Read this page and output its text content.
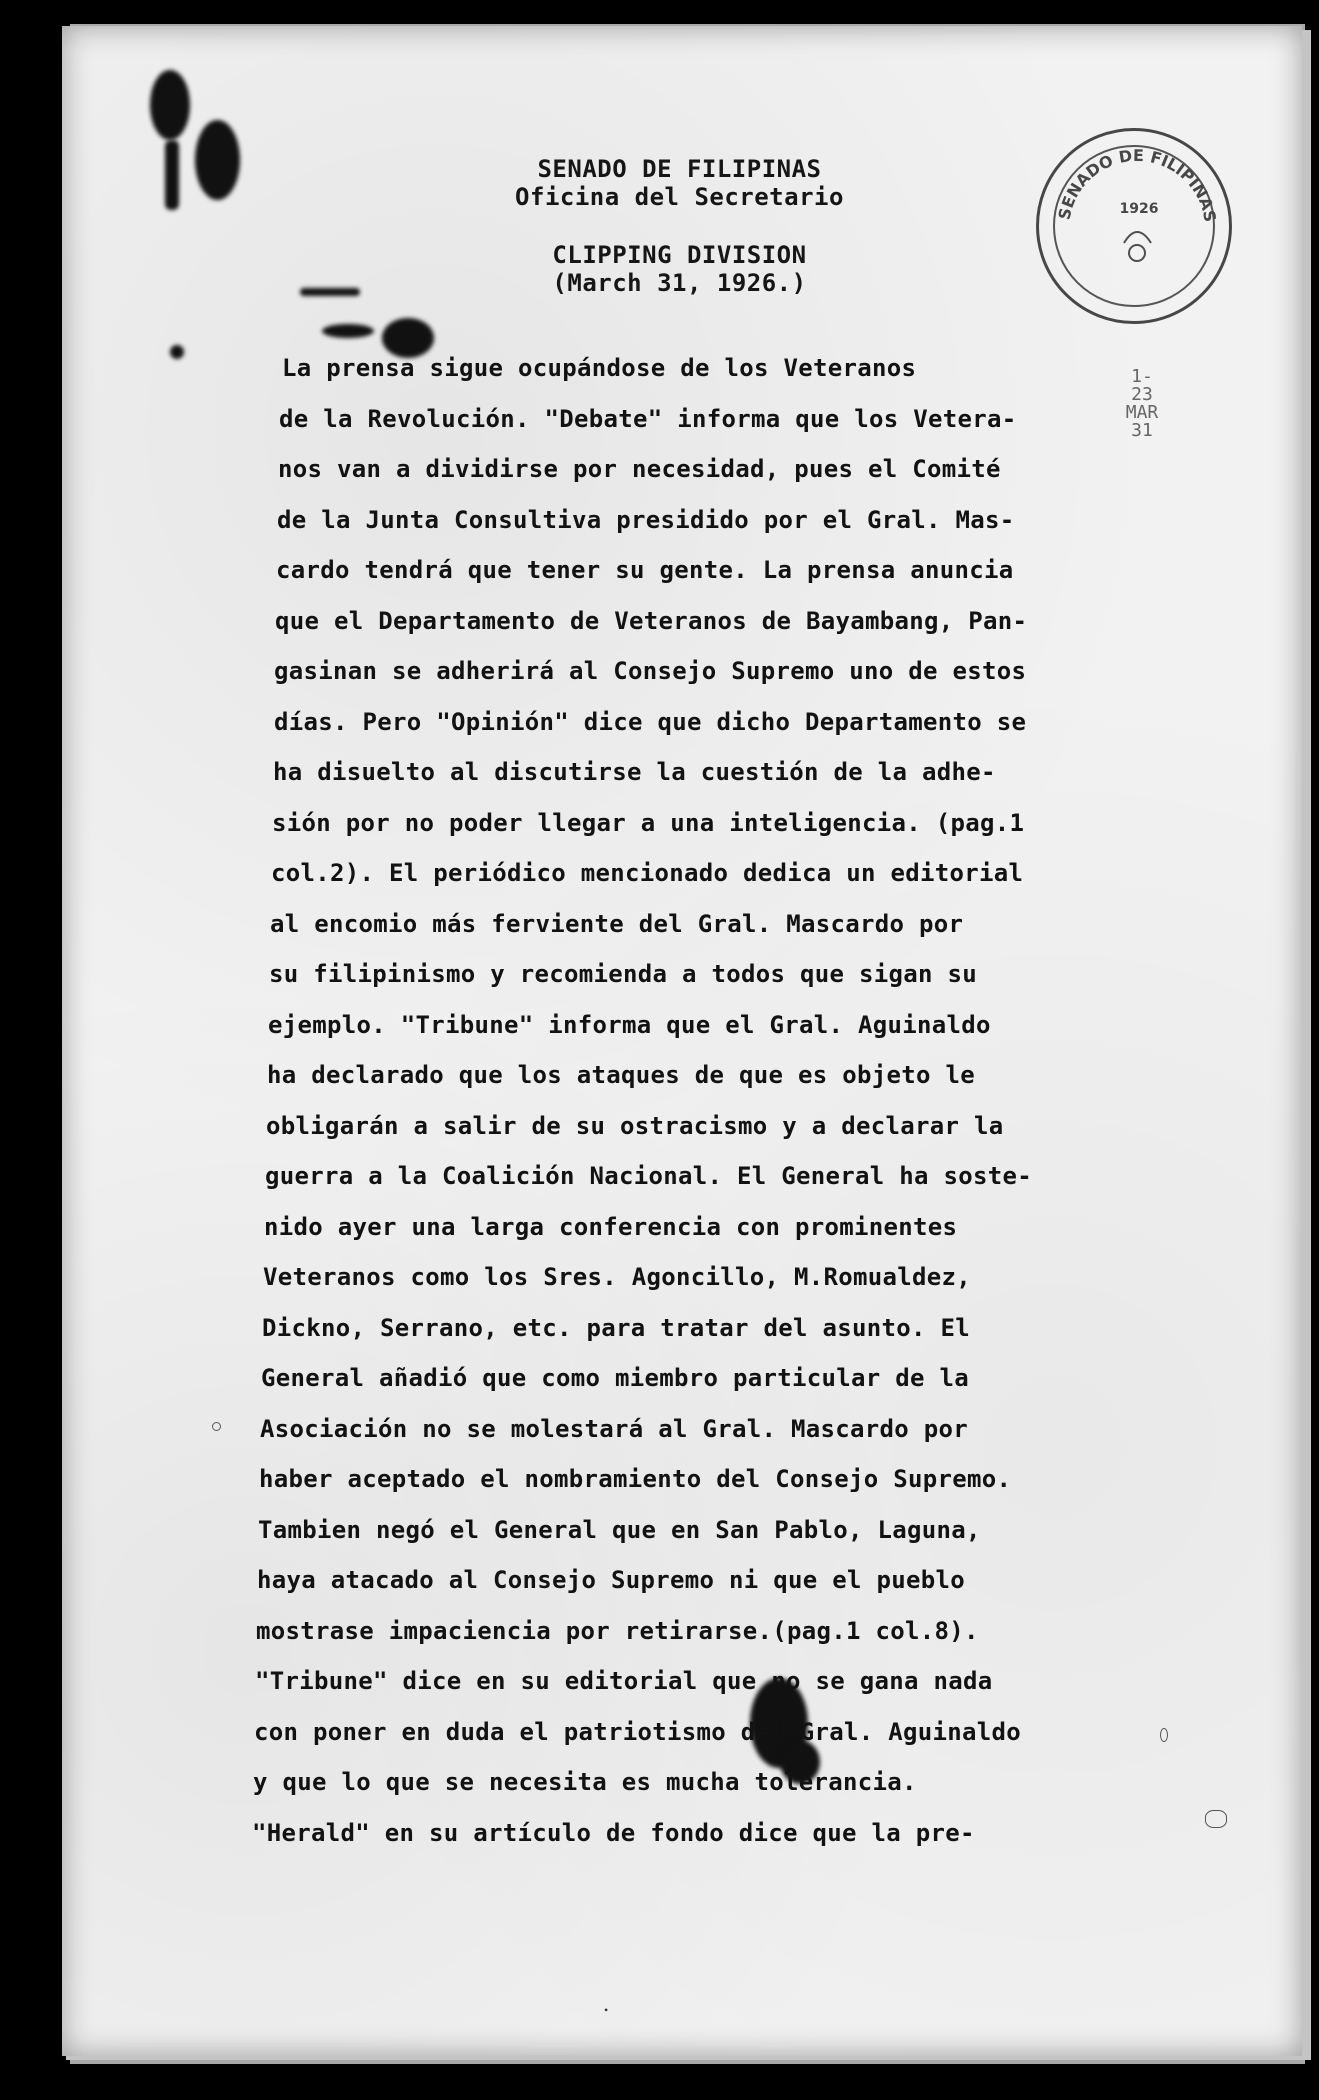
SENADO DE FILIPINAS
Oficina del Secretario
CLIPPING DIVISION
(March 31, 1926.)
SENADO DE FILIPINAS
1926
1-23 MAR 31
La prensa sigue ocupándose de los Veteranos
de la Revolución. "Debate" informa que los Vetera-
nos van a dividirse por necesidad, pues el Comité
de la Junta Consultiva presidido por el Gral. Mas-
cardo tendrá que tener su gente. La prensa anuncia
que el Departamento de Veteranos de Bayambang, Pan-
gasinan se adherirá al Consejo Supremo uno de estos
días. Pero "Opinión" dice que dicho Departamento se
ha disuelto al discutirse la cuestión de la adhe-
sión por no poder llegar a una inteligencia. (pag.1
col.2). El periódico mencionado dedica un editorial
al encomio más ferviente del Gral. Mascardo por
su filipinismo y recomienda a todos que sigan su
ejemplo. "Tribune" informa que el Gral. Aguinaldo
ha declarado que los ataques de que es objeto le
obligarán a salir de su ostracismo y a declarar la
guerra a la Coalición Nacional. El General ha soste-
nido ayer una larga conferencia con prominentes
Veteranos como los Sres. Agoncillo, M.Romualdez,
Dickno, Serrano, etc. para tratar del asunto. El
General añadió que como miembro particular de la
Asociación no se molestará al Gral. Mascardo por
haber aceptado el nombramiento del Consejo Supremo.
Tambien negó el General que en San Pablo, Laguna,
haya atacado al Consejo Supremo ni que el pueblo
mostrase impaciencia por retirarse.(pag.1 col.8).
"Tribune" dice en su editorial que no se gana nada
con poner en duda el patriotismo del Gral. Aguinaldo
y que lo que se necesita es mucha tolerancia.
"Herald" en su artículo de fondo dice que la pre-
•
